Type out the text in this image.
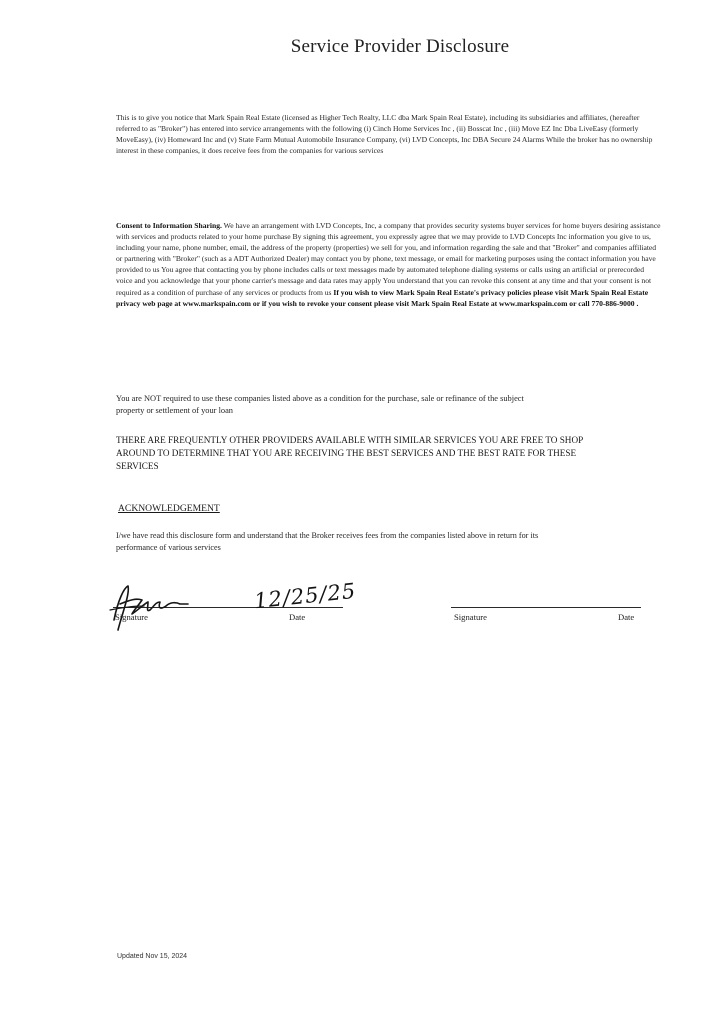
Service Provider Disclosure
This is to give you notice that Mark Spain Real Estate (licensed as Higher Tech Realty, LLC dba Mark Spain Real Estate), including its subsidiaries and affiliates, (hereafter referred to as "Broker") has entered into service arrangements with the following (i) Cinch Home Services Inc , (ii) Bosscat Inc , (iii) Move EZ Inc Dba LiveEasy (formerly MoveEasy), (iv) Homeward Inc and (v) State Farm Mutual Automobile Insurance Company, (vi) LVD Concepts, Inc DBA Secure 24 Alarms While the broker has no ownership interest in these companies, it does receive fees from the companies for various services
Consent to Information Sharing. We have an arrangement with LVD Concepts, Inc, a company that provides security systems buyer services for home buyers desiring assistance with services and products related to your home purchase By signing this agreement, you expressly agree that we may provide to LVD Concepts Inc information you give to us, including your name, phone number, email, the address of the property (properties) we sell for you, and information regarding the sale and that "Broker" and companies affiliated or partnering with "Broker" (such as a ADT Authorized Dealer) may contact you by phone, text message, or email for marketing purposes using the contact information you have provided to us You agree that contacting you by phone includes calls or text messages made by automated telephone dialing systems or calls using an artificial or prerecorded voice and you acknowledge that your phone carrier's message and data rates may apply You understand that you can revoke this consent at any time and that your consent is not required as a condition of purchase of any services or products from us If you wish to view Mark Spain Real Estate's privacy policies please visit Mark Spain Real Estate privacy web page at www.markspain.com or if you wish to revoke your consent please visit Mark Spain Real Estate at www.markspain.com or call 770-886-9000 .
You are NOT required to use these companies listed above as a condition for the purchase, sale or refinance of the subject property or settlement of your loan
THERE ARE FREQUENTLY OTHER PROVIDERS AVAILABLE WITH SIMILAR SERVICES YOU ARE FREE TO SHOP AROUND TO DETERMINE THAT YOU ARE RECEIVING THE BEST SERVICES AND THE BEST RATE FOR THESE SERVICES
ACKNOWLEDGEMENT
I/we have read this disclosure form and understand that the Broker receives fees from the companies listed above in return for its performance of various services
Signature	Date
12/25/25
Signature	Date
Updated Nov 15, 2024
